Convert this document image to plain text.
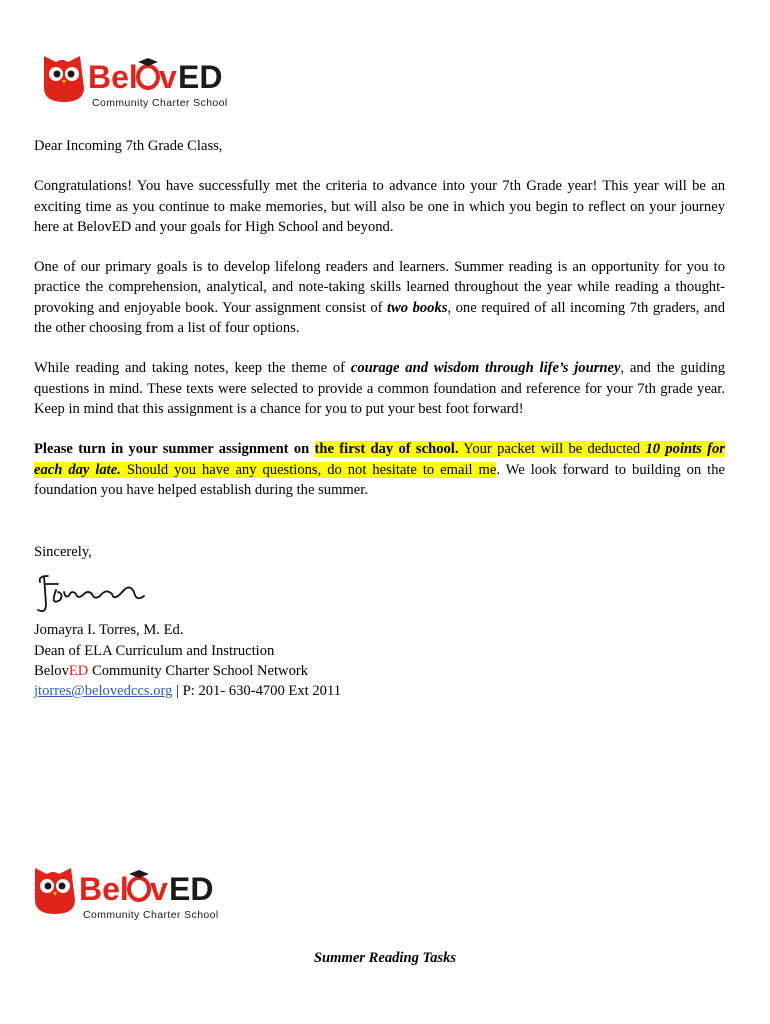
Bel v ED
Community Charter School

Dear Incoming 7th Grade Class,

Congratulations! You have successfully met the criteria to advance into your 7th Grade year! This year will be an exciting time as you continue to make memories, but will also be one in which you begin to reflect on your journey here at BelovED and your goals for High School and beyond.

One of our primary goals is to develop lifelong readers and learners. Summer reading is an opportunity for you to practice the comprehension, analytical, and note-taking skills learned throughout the year while reading a thought-provoking and enjoyable book. Your assignment consist of two books, one required of all incoming 7th graders, and the other choosing from a list of four options.

While reading and taking notes, keep the theme of courage and wisdom through life’s journey, and the guiding questions in mind. These texts were selected to provide a common foundation and reference for your 7th grade year. Keep in mind that this assignment is a chance for you to put your best foot forward!

Please turn in your summer assignment on the first day of school. Your packet will be deducted 10 points for each day late. Should you have any questions, do not hesitate to email me. We look forward to building on the foundation you have helped establish during the summer.

Sincerely,

Jomayra I. Torres, M. Ed.

Dean of ELA Curriculum and Instruction

BelovED Community Charter School Network

jtorres@belovedccs.org | P: 201- 630-4700 Ext 2011

Bel v ED
Community Charter School
Summer Reading Tasks
